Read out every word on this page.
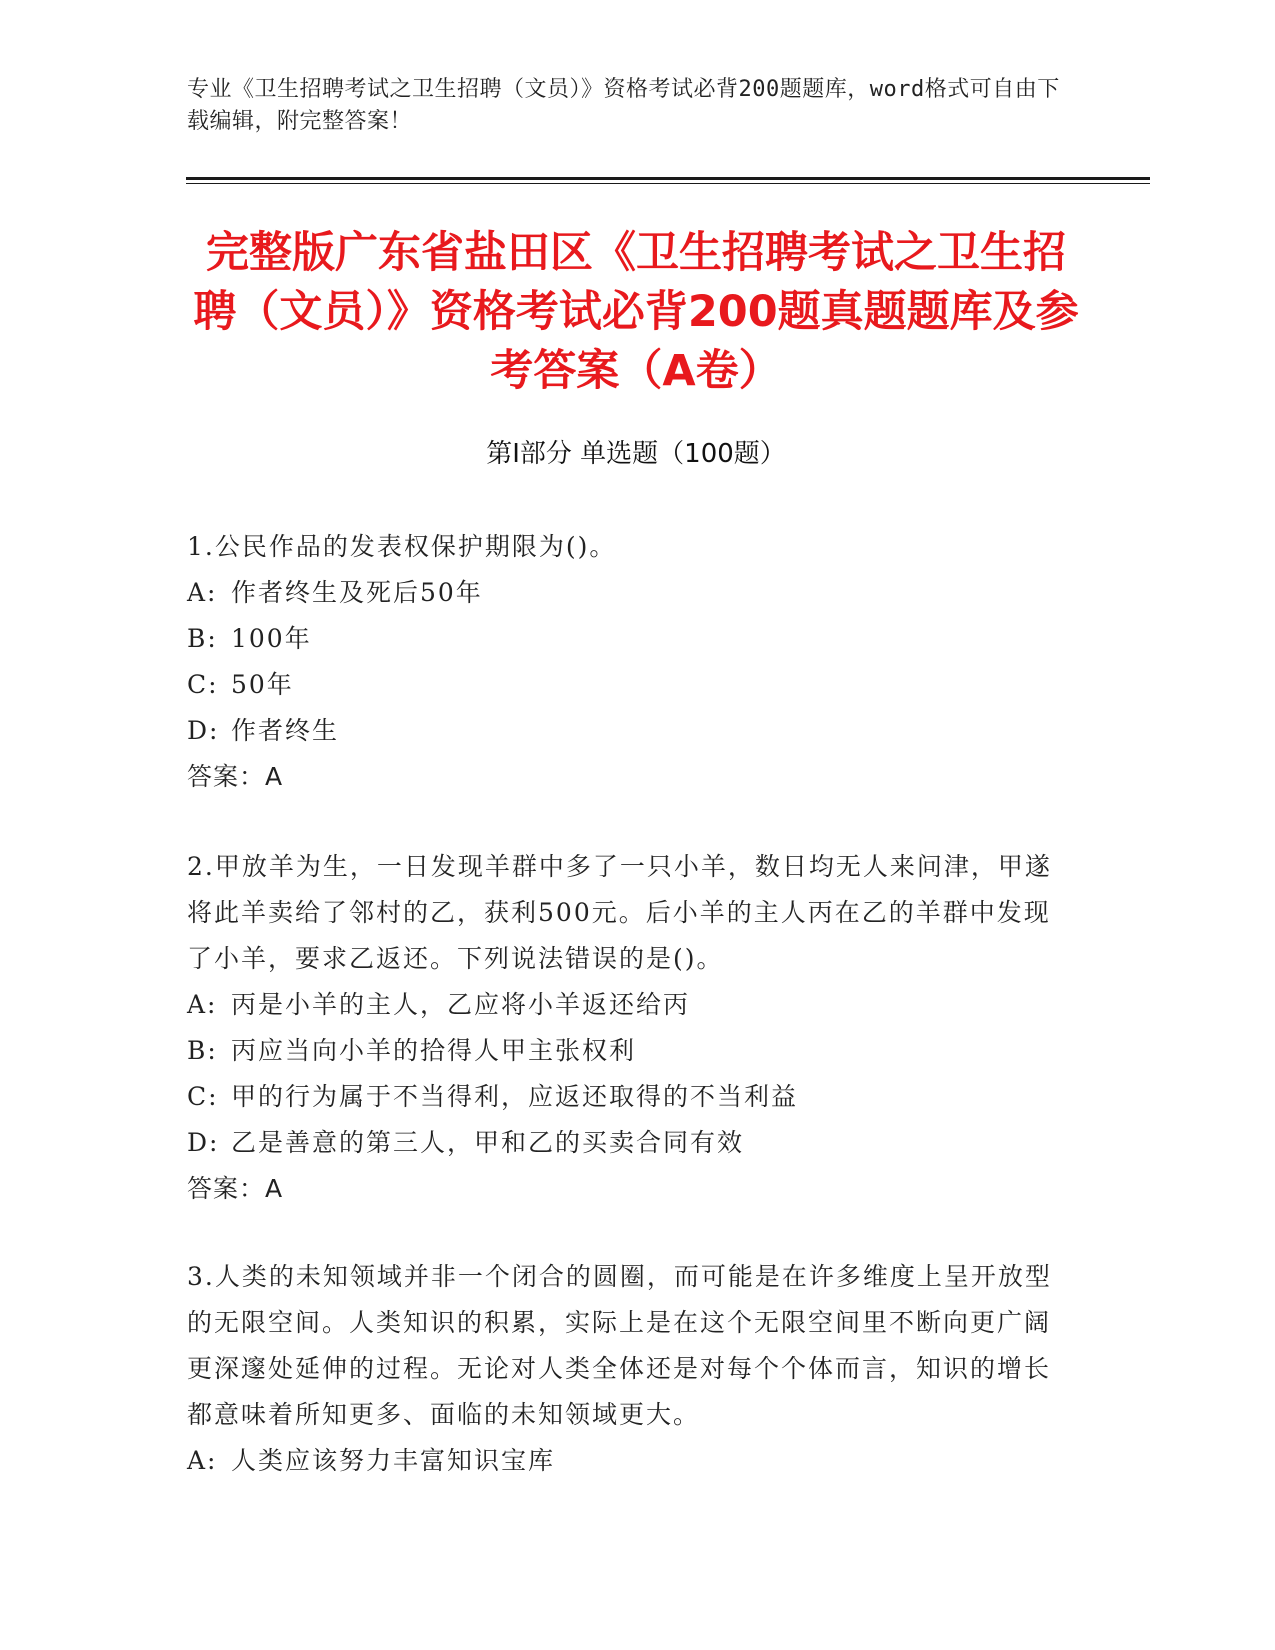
专业《卫生招聘考试之卫生招聘（文员）》资格考试必背200题题库，word格式可自由下载编辑，附完整答案！
完整版广东省盐田区《卫生招聘考试之卫生招聘（文员）》资格考试必背200题真题题库及参考答案（A卷）
第Ⅰ部分 单选题（100题）
1.公民作品的发表权保护期限为()。
A: 作者终生及死后50年
B: 100年
C: 50年
D: 作者终生
答案：A
2.甲放羊为生，一日发现羊群中多了一只小羊，数日均无人来问津，甲遂将此羊卖给了邻村的乙，获利500元。后小羊的主人丙在乙的羊群中发现了小羊，要求乙返还。下列说法错误的是()。
A: 丙是小羊的主人，乙应将小羊返还给丙
B: 丙应当向小羊的拾得人甲主张权利
C: 甲的行为属于不当得利，应返还取得的不当利益
D: 乙是善意的第三人，甲和乙的买卖合同有效
答案：A
3.人类的未知领域并非一个闭合的圆圈，而可能是在许多维度上呈开放型的无限空间。人类知识的积累，实际上是在这个无限空间里不断向更广阔更深邃处延伸的过程。无论对人类全体还是对每个个体而言，知识的增长都意味着所知更多、面临的未知领域更大。
A: 人类应该努力丰富知识宝库
